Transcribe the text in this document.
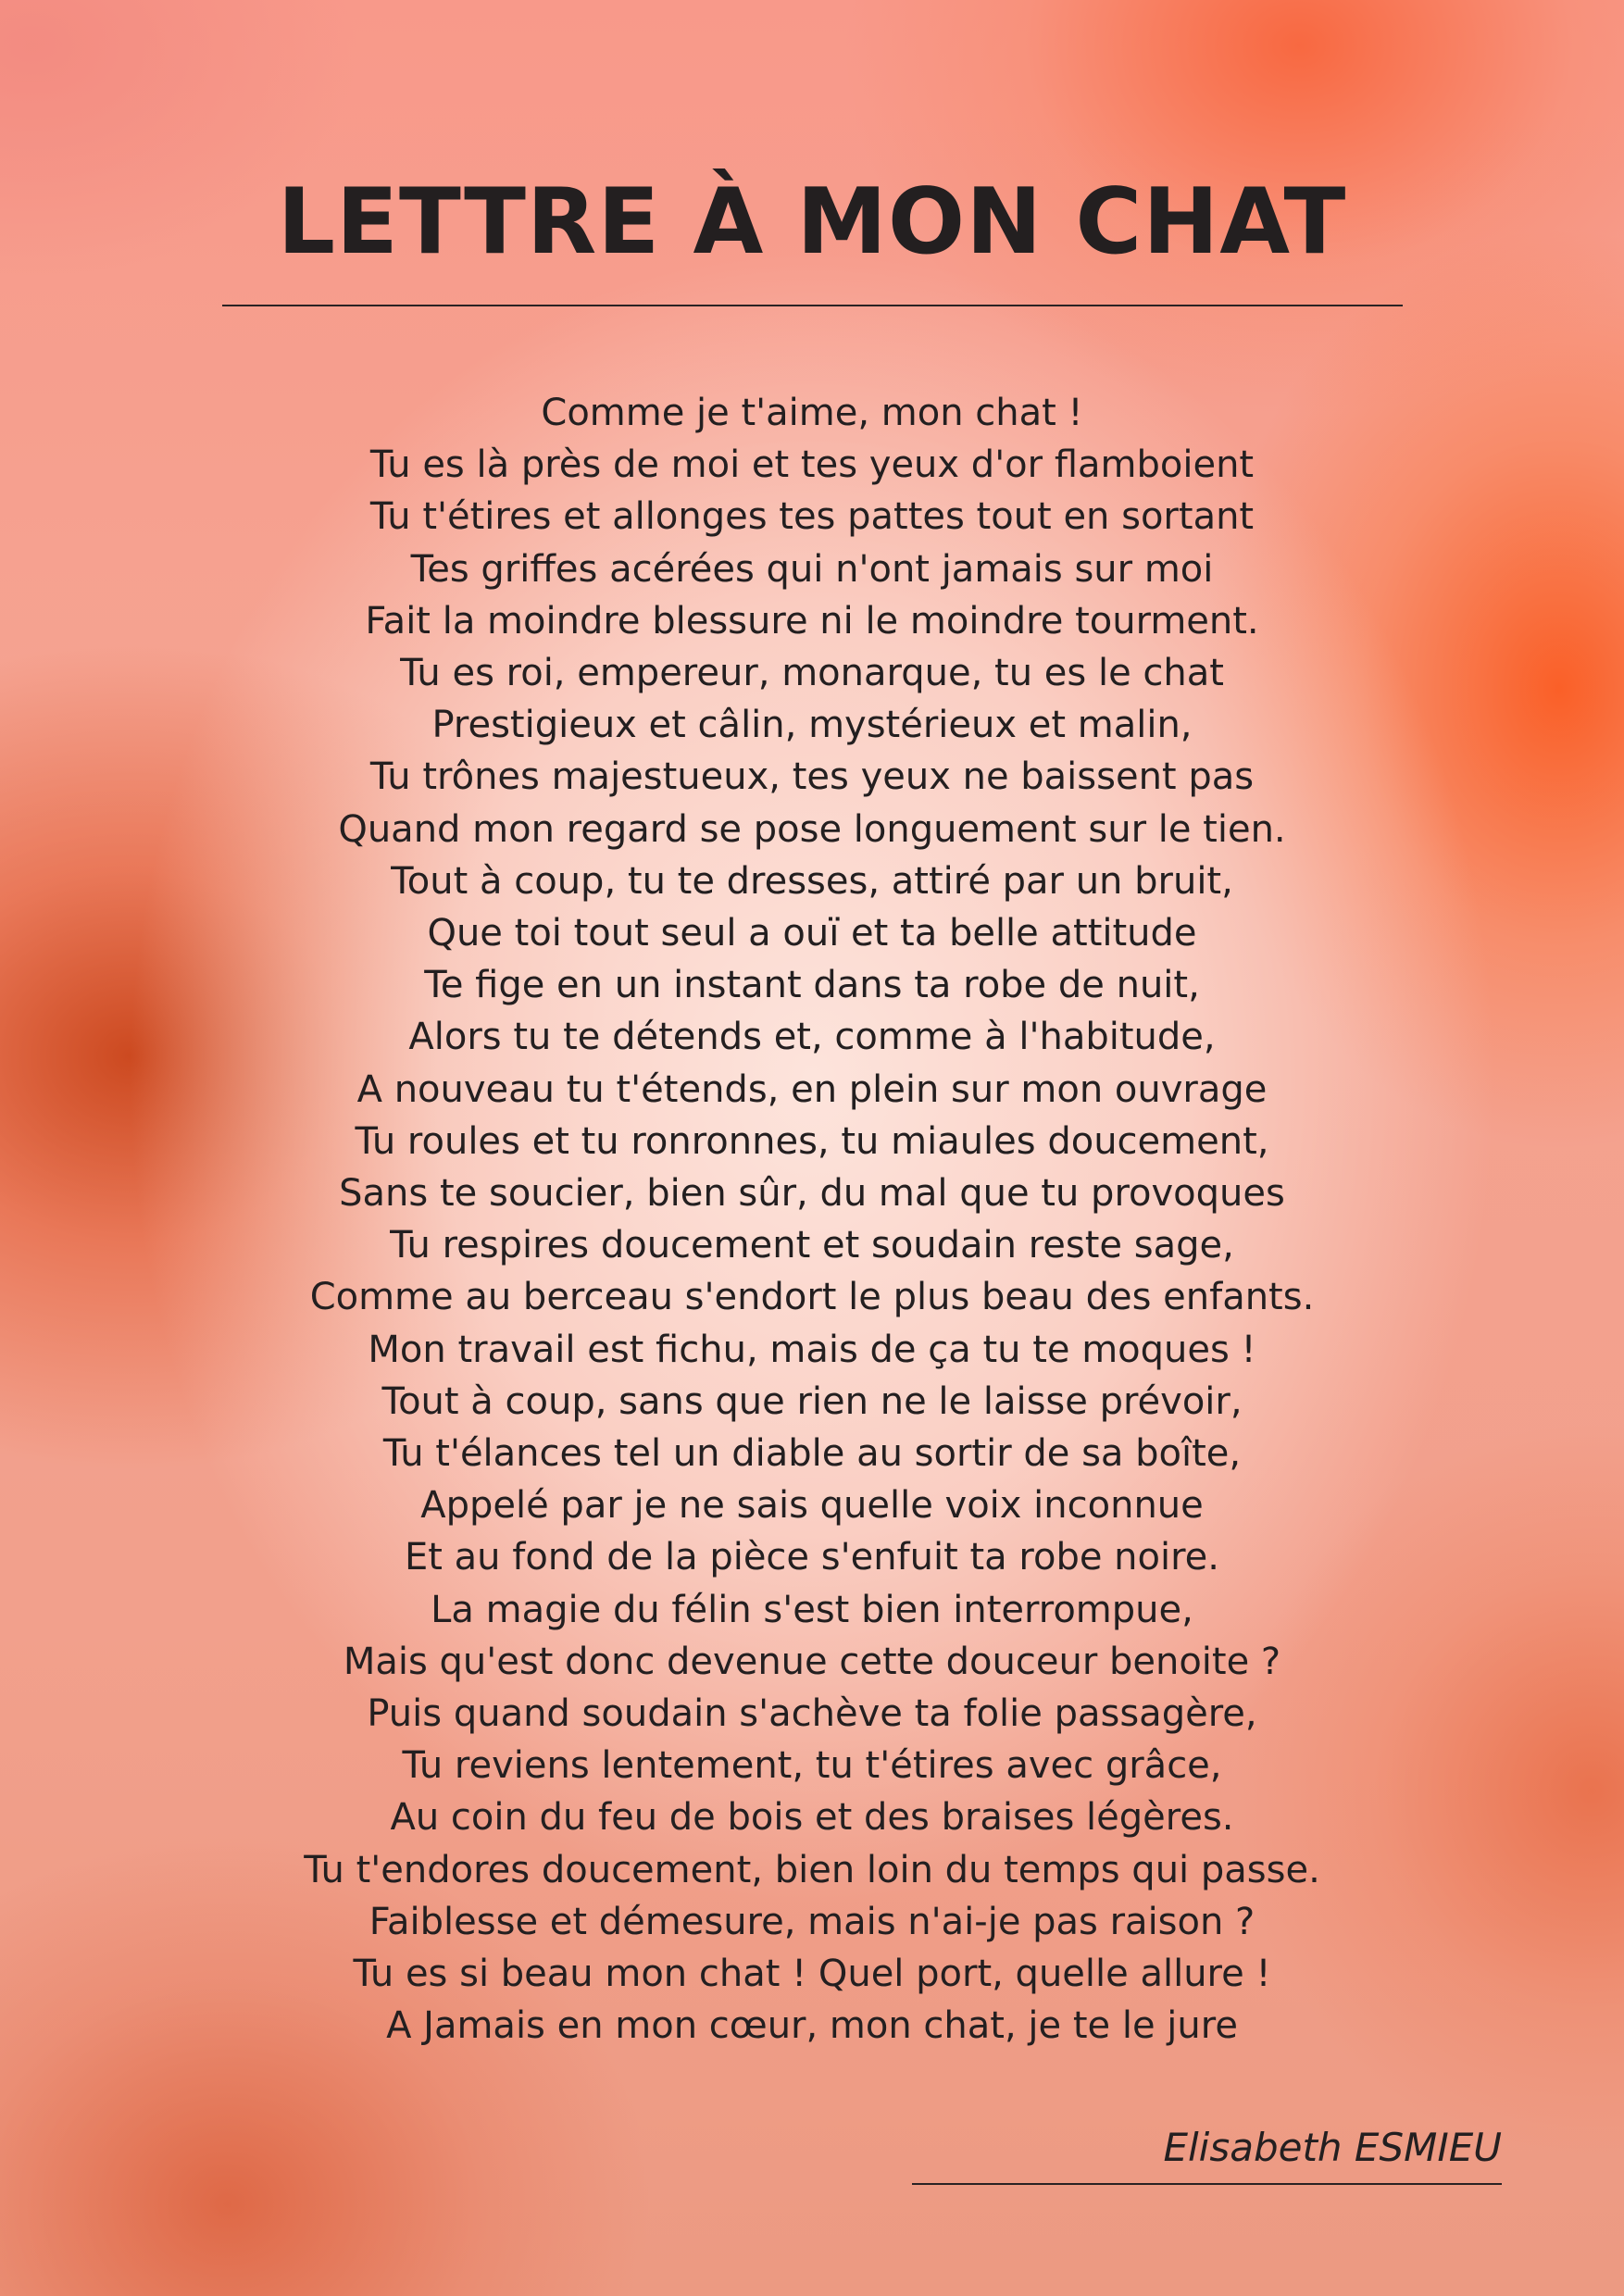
LETTRE À MON CHAT
Comme je t'aime, mon chat !
Tu es là près de moi et tes yeux d'or flamboient
Tu t'étires et allonges tes pattes tout en sortant
Tes griffes acérées qui n'ont jamais sur moi
Fait la moindre blessure ni le moindre tourment.
Tu es roi, empereur, monarque, tu es le chat
Prestigieux et câlin, mystérieux et malin,
Tu trônes majestueux, tes yeux ne baissent pas
Quand mon regard se pose longuement sur le tien.
Tout à coup, tu te dresses, attiré par un bruit,
Que toi tout seul a ouï et ta belle attitude
Te fige en un instant dans ta robe de nuit,
Alors tu te détends et, comme à l'habitude,
A nouveau tu t'étends, en plein sur mon ouvrage
Tu roules et tu ronronnes, tu miaules doucement,
Sans te soucier, bien sûr, du mal que tu provoques
Tu respires doucement et soudain reste sage,
Comme au berceau s'endort le plus beau des enfants.
Mon travail est fichu, mais de ça tu te moques !
Tout à coup, sans que rien ne le laisse prévoir,
Tu t'élances tel un diable au sortir de sa boîte,
Appelé par je ne sais quelle voix inconnue
Et au fond de la pièce s'enfuit ta robe noire.
La magie du félin s'est bien interrompue,
Mais qu'est donc devenue cette douceur benoite ?
Puis quand soudain s'achève ta folie passagère,
Tu reviens lentement, tu t'étires avec grâce,
Au coin du feu de bois et des braises légères.
Tu t'endores doucement, bien loin du temps qui passe.
Faiblesse et démesure, mais n'ai-je pas raison ?
Tu es si beau mon chat ! Quel port, quelle allure !
A Jamais en mon cœur, mon chat, je te le jure
Elisabeth ESMIEU
